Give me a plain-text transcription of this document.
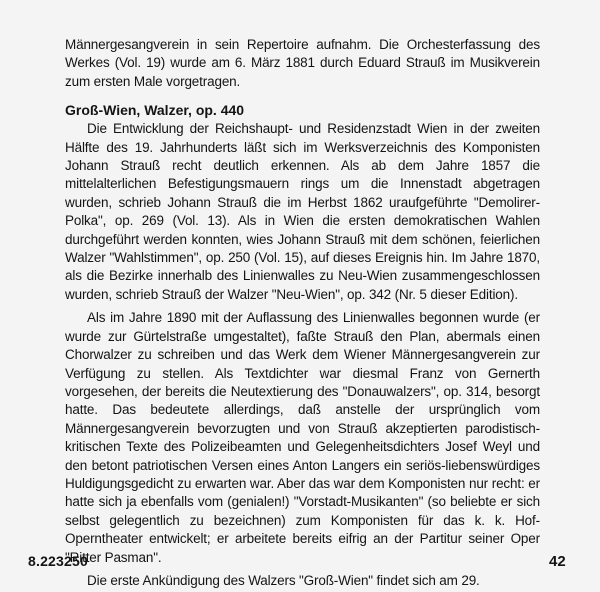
Männergesangverein in sein Repertoire aufnahm. Die Orchesterfassung des Werkes (Vol. 19) wurde am 6. März 1881 durch Eduard Strauß im Musikverein zum ersten Male vorgetragen.

Groß-Wien, Walzer, op. 440

Die Entwicklung der Reichshaupt- und Residenzstadt Wien in der zweiten Hälfte des 19. Jahrhunderts läßt sich im Werksverzeichnis des Komponisten Johann Strauß recht deutlich erkennen. Als ab dem Jahre 1857 die mittelalterlichen Befestigungsmauern rings um die Innenstadt abgetragen wurden, schrieb Johann Strauß die im Herbst 1862 uraufgeführte "Demolirer-Polka", op. 269 (Vol. 13). Als in Wien die ersten demokratischen Wahlen durchgeführt werden konnten, wies Johann Strauß mit dem schönen, feierlichen Walzer "Wahlstimmen", op. 250 (Vol. 15), auf dieses Ereignis hin. Im Jahre 1870, als die Bezirke innerhalb des Linienwalles zu Neu-Wien zusammengeschlossen wurden, schrieb Strauß der Walzer "Neu-Wien", op. 342 (Nr. 5 dieser Edition).

Als im Jahre 1890 mit der Auflassung des Linienwalles begonnen wurde (er wurde zur Gürtelstraße umgestaltet), faßte Strauß den Plan, abermals einen Chorwalzer zu schreiben und das Werk dem Wiener Männergesangverein zur Verfügung zu stellen. Als Textdichter war diesmal Franz von Gernerth vorgesehen, der bereits die Neutextierung des "Donauwalzers", op. 314, besorgt hatte. Das bedeutete allerdings, daß anstelle der ursprünglich vom Männergesangverein bevorzugten und von Strauß akzeptierten parodistisch-kritischen Texte des Polizeibeamten und Gelegenheitsdichters Josef Weyl und den betont patriotischen Versen eines Anton Langers ein seriös-liebenswürdiges Huldigungsgedicht zu erwarten war. Aber das war dem Komponisten nur recht: er hatte sich ja ebenfalls vom (genialen!) "Vorstadt-Musikanten" (so beliebte er sich selbst gelegentlich zu bezeichnen) zum Komponisten für das k. k. Hof-Operntheater entwickelt; er arbeitete bereits eifrig an der Partitur seiner Oper "Ritter Pasman".

Die erste Ankündigung des Walzers "Groß-Wien" findet sich am 29.

8.223250	42
